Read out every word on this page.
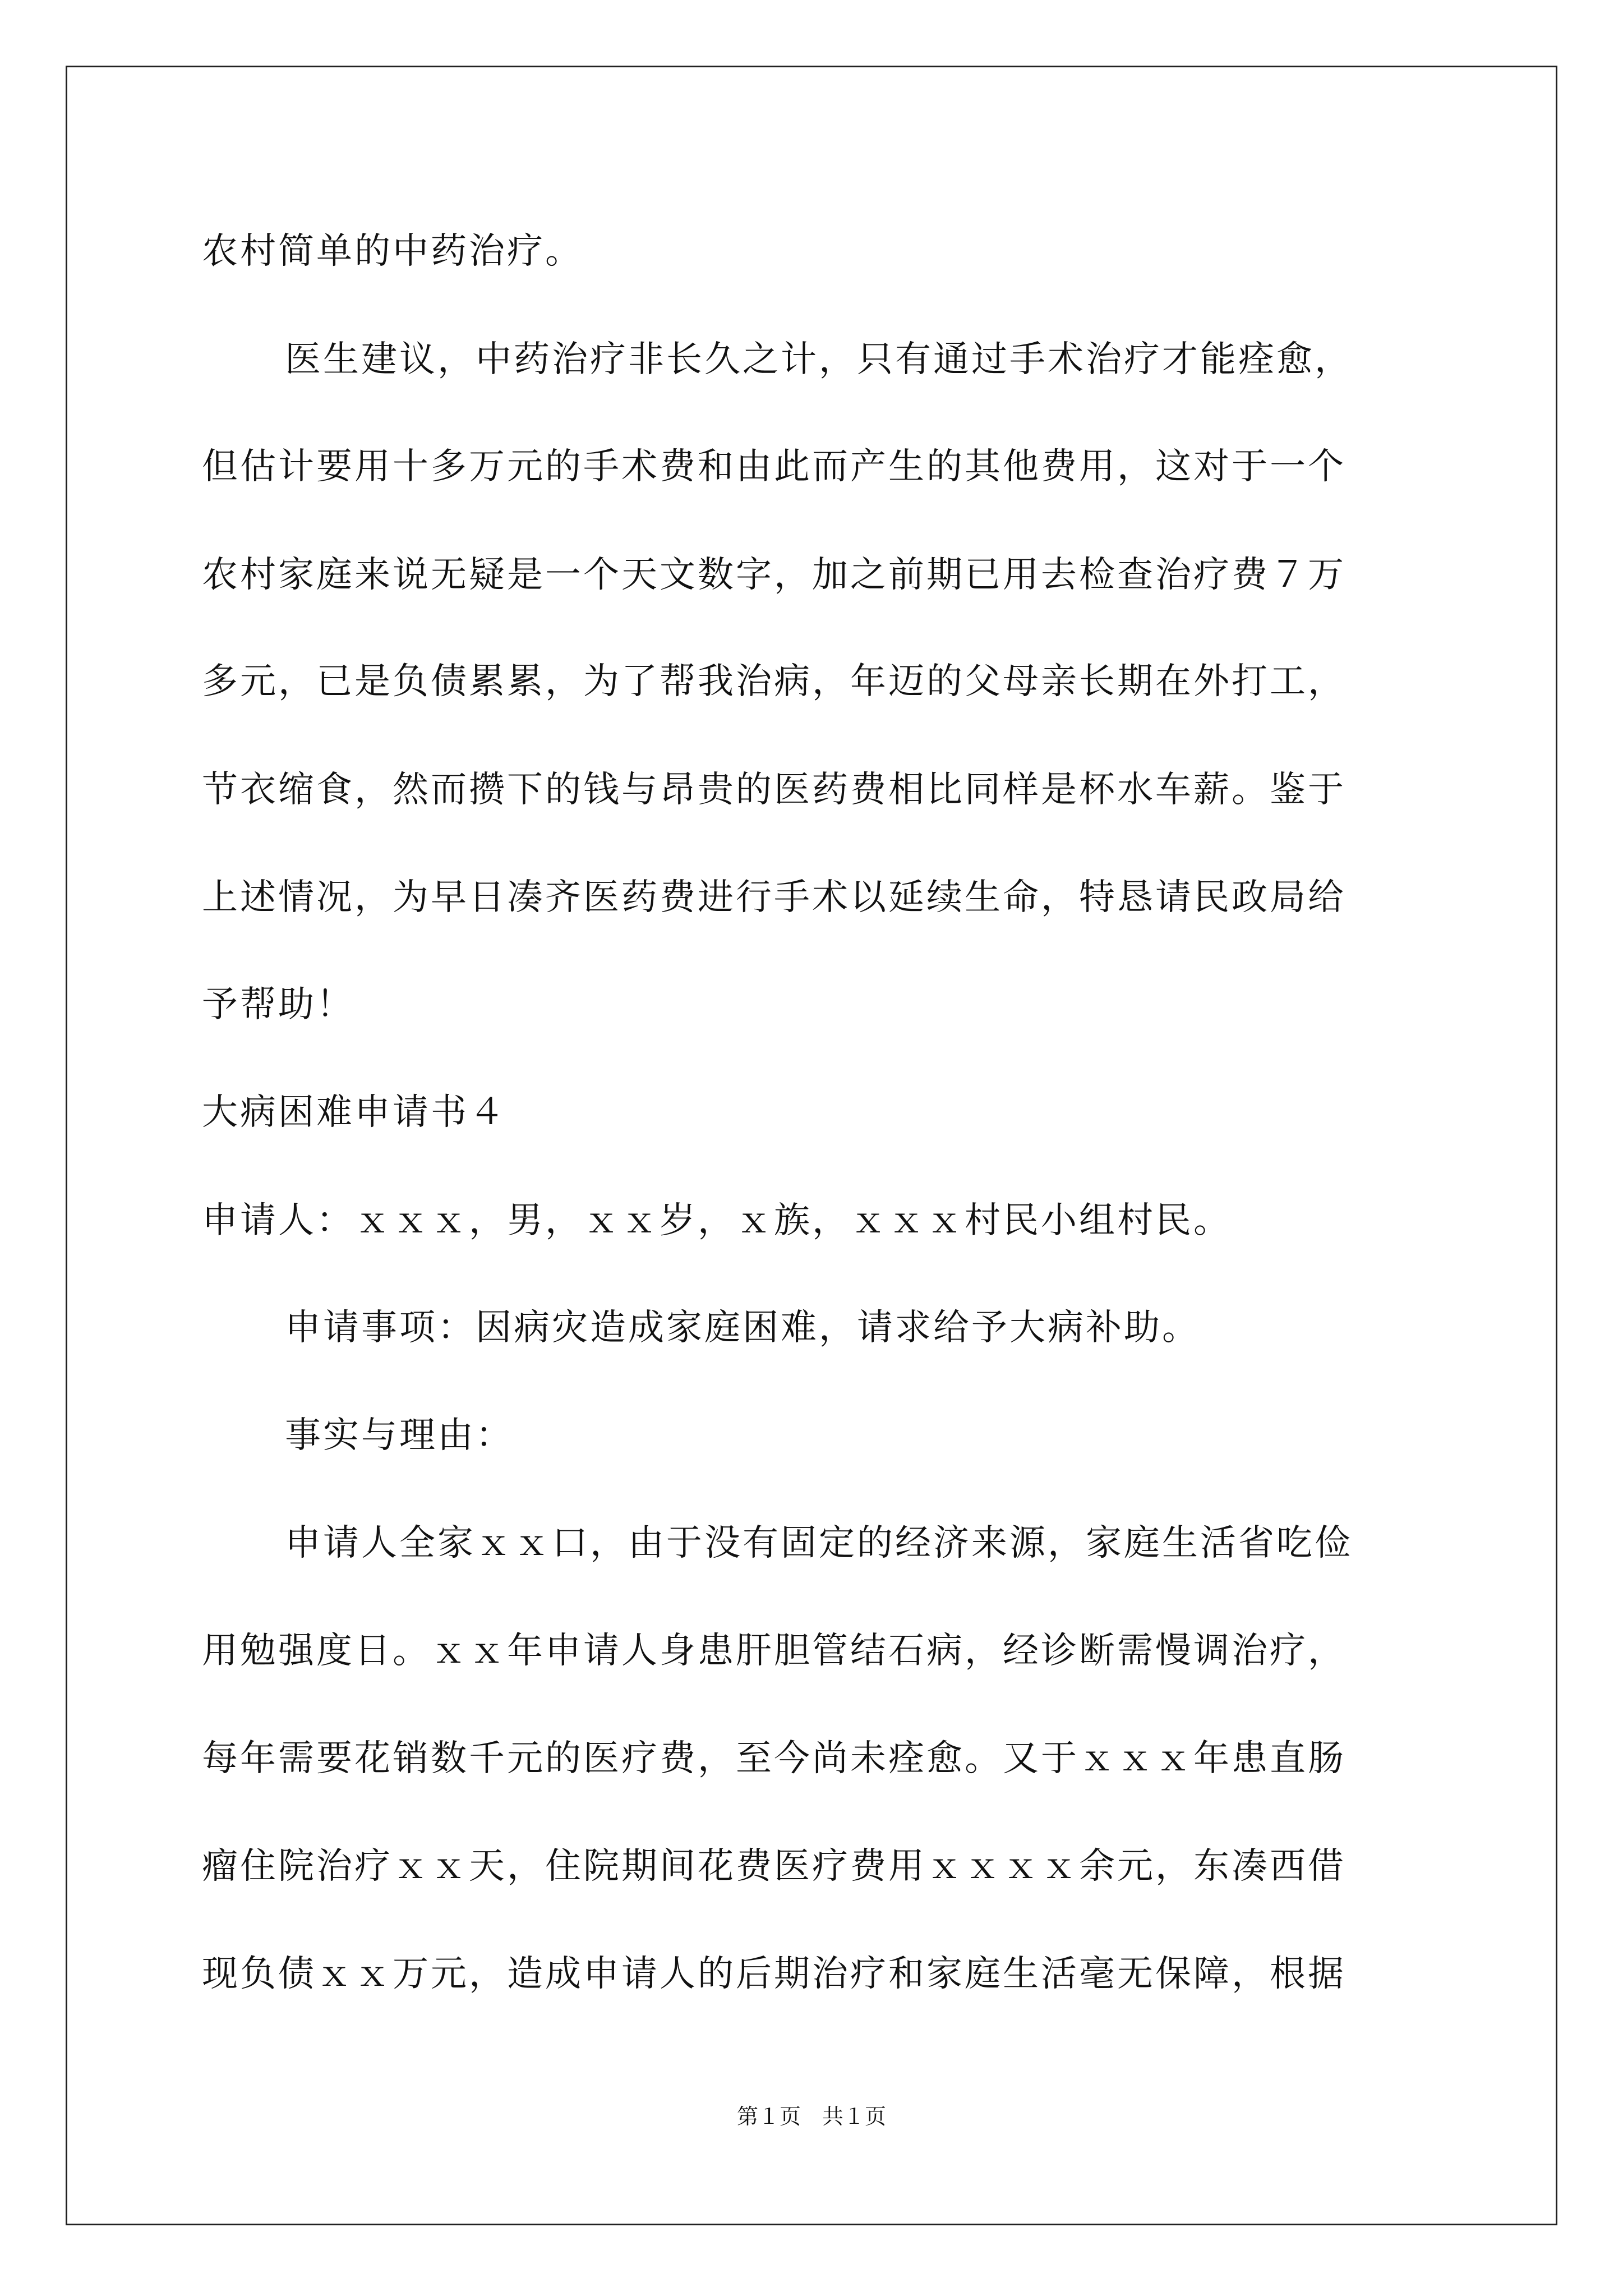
农村简单的中药治疗。
医生建议，中药治疗非长久之计，只有通过手术治疗才能痊愈，
但估计要用十多万元的手术费和由此而产生的其他费用，这对于一个
农村家庭来说无疑是一个天文数字，加之前期已用去检查治疗费７万
多元，已是负债累累，为了帮我治病，年迈的父母亲长期在外打工，
节衣缩食，然而攒下的钱与昂贵的医药费相比同样是杯水车薪。鉴于
上述情况，为早日凑齐医药费进行手术以延续生命，特恳请民政局给
予帮助！
大病困难申请书４
申请人：ｘｘｘ，男，ｘｘ岁，ｘ族，ｘｘｘ村民小组村民。
申请事项：因病灾造成家庭困难，请求给予大病补助。
事实与理由：
申请人全家ｘｘ口，由于没有固定的经济来源，家庭生活省吃俭
用勉强度日。ｘｘ年申请人身患肝胆管结石病，经诊断需慢调治疗，
每年需要花销数千元的医疗费，至今尚未痊愈。又于ｘｘｘ年患直肠
瘤住院治疗ｘｘ天，住院期间花费医疗费用ｘｘｘｘ余元，东凑西借
现负债ｘｘ万元，造成申请人的后期治疗和家庭生活毫无保障，根据
第１页　共１页
